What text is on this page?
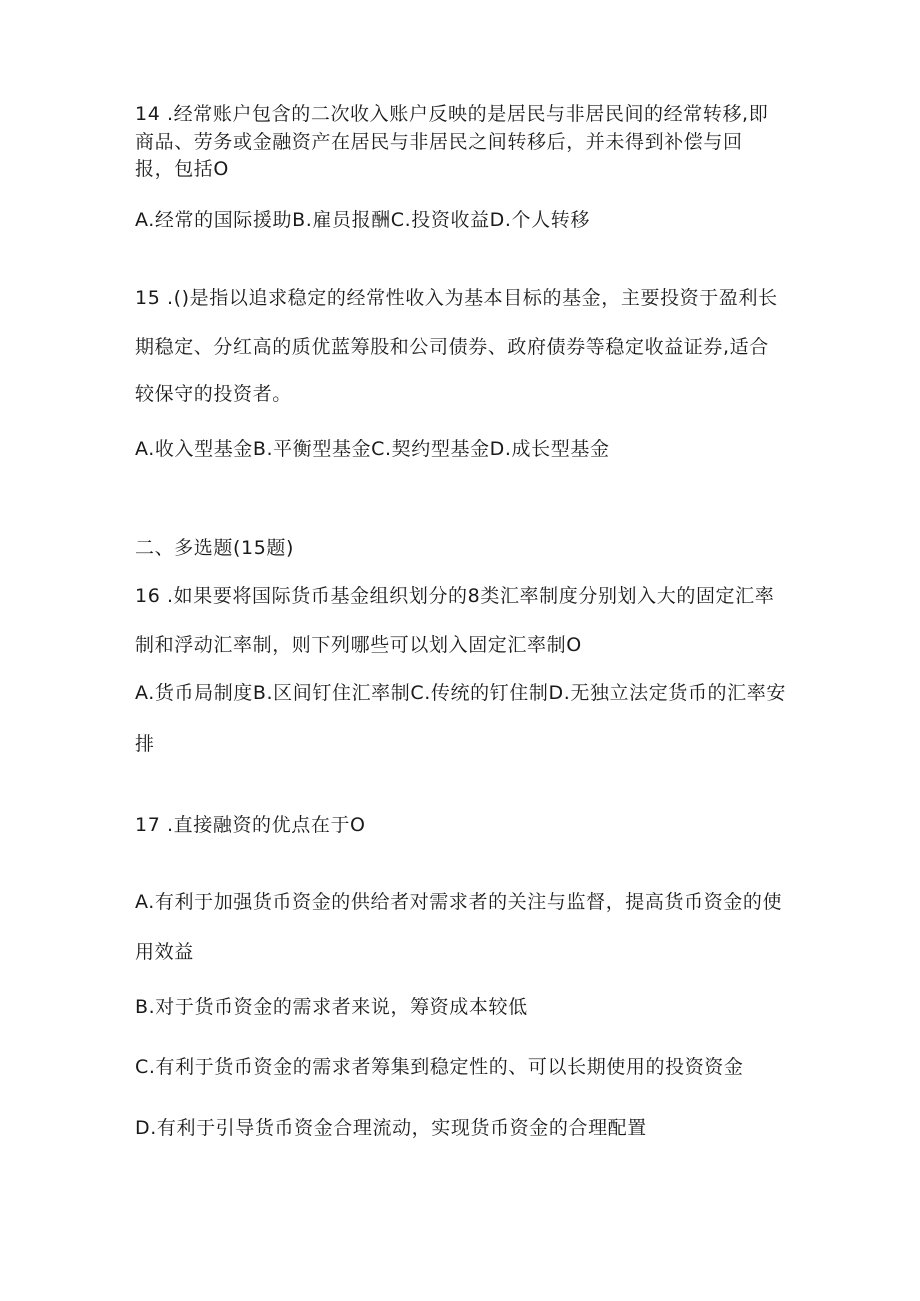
14 .经常账户包含的二次收入账户反映的是居民与非居民间的经常转移,即
商品、劳务或金融资产在居民与非居民之间转移后，并未得到补偿与回
报，包括O
A.经常的国际援助B.雇员报酬C.投资收益D.个人转移
15 .()是指以追求稳定的经常性收入为基本目标的基金，主要投资于盈利长
期稳定、分红高的质优蓝筹股和公司债券、政府债券等稳定收益证券,适合
较保守的投资者。
A.收入型基金B.平衡型基金C.契约型基金D.成长型基金
二、多选题(15题)
16 .如果要将国际货币基金组织划分的8类汇率制度分别划入大的固定汇率
制和浮动汇率制，则下列哪些可以划入固定汇率制O
A.货币局制度B.区间钉住汇率制C.传统的钉住制D.无独立法定货币的汇率安
排
17 .直接融资的优点在于O
A.有利于加强货币资金的供给者对需求者的关注与监督，提高货币资金的使
用效益
B.对于货币资金的需求者来说，筹资成本较低
C.有利于货币资金的需求者筹集到稳定性的、可以长期使用的投资资金
D.有利于引导货币资金合理流动，实现货币资金的合理配置
